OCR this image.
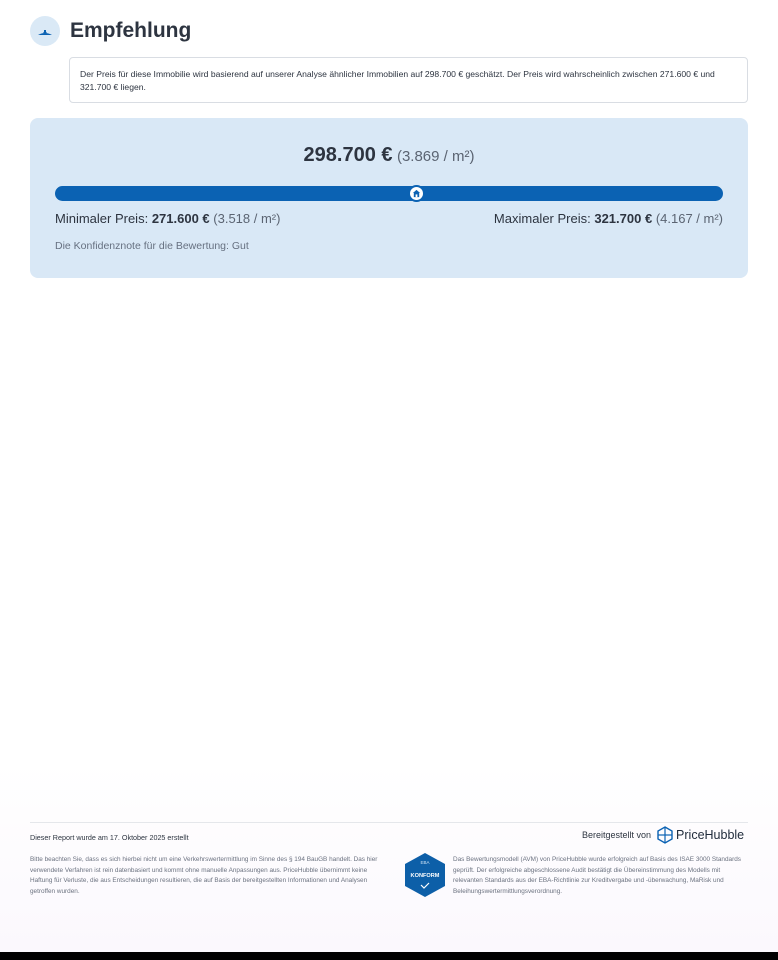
Empfehlung
Der Preis für diese Immobilie wird basierend auf unserer Analyse ähnlicher Immobilien auf 298.700 € geschätzt. Der Preis wird wahrscheinlich zwischen 271.600 € und 321.700 € liegen.
298.700 € (3.869 / m²)
Minimaler Preis: 271.600 € (3.518 / m²)	Maximaler Preis: 321.700 € (4.167 / m²)
Die Konfidenznote für die Bewertung: Gut
Dieser Report wurde am 17. Oktober 2025 erstellt	Bereitgestellt von PriceHubble
Bitte beachten Sie, dass es sich hierbei nicht um eine Verkehrswertermittlung im Sinne des § 194 BauGB handelt. Das hier verwendete Verfahren ist rein datenbasiert und kommt ohne manuelle Anpassungen aus. PriceHubble übernimmt keine Haftung für Verluste, die aus Entscheidungen resultieren, die auf Basis der bereitgestellten Informationen und Analysen getroffen wurden.
EBA
KONFORM
Das Bewertungsmodell (AVM) von PriceHubble wurde erfolgreich auf Basis des ISAE 3000 Standards geprüft. Der erfolgreiche abgeschlossene Audit bestätigt die Übereinstimmung des Modells mit relevanten Standards aus der EBA-Richtlinie zur Kreditvergabe und -überwachung, MaRisk und Beleihungswertermittlungsverordnung.
